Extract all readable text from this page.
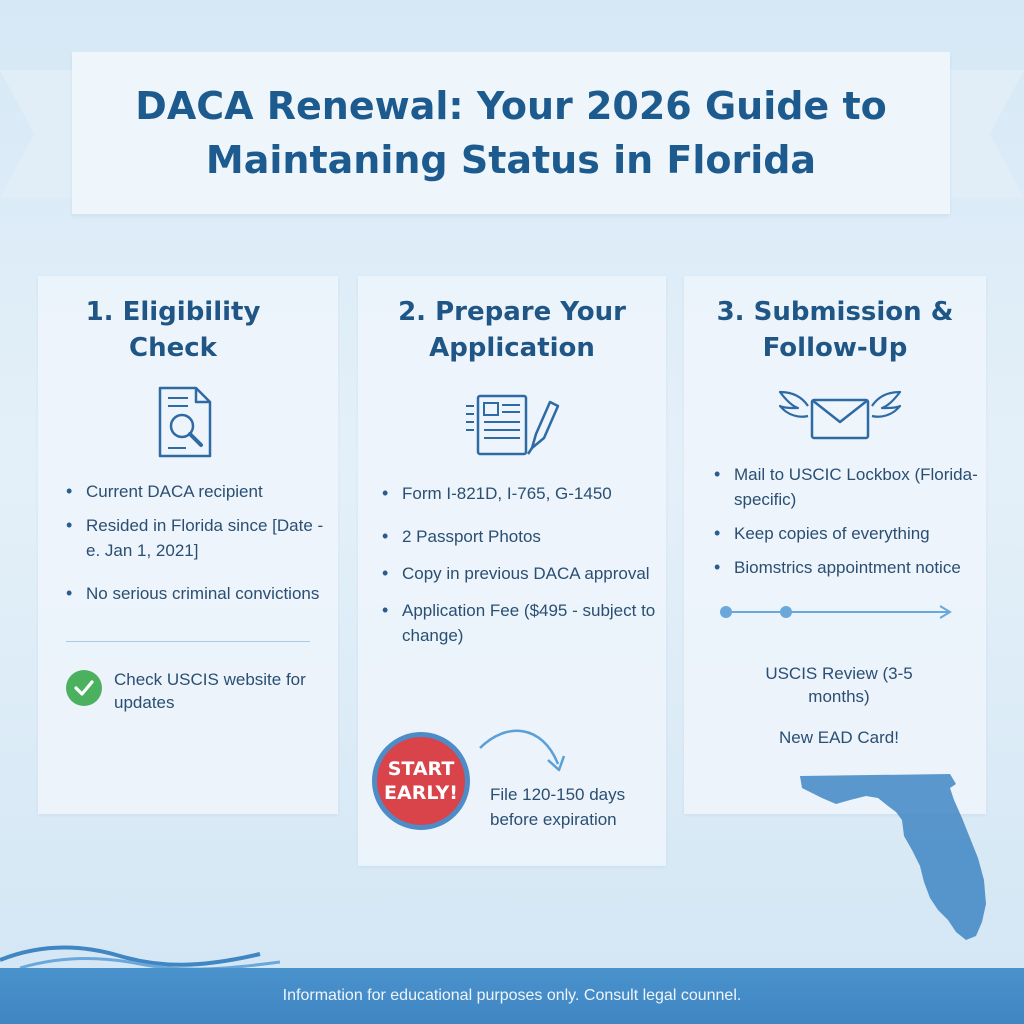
DACA Renewal: Your 2026 Guide to Maintaning Status in Florida
1. Eligibility Check
• Current DACA recipient
• Resided in Florida since [Date - e. Jan 1, 2021]
• No serious criminal convictions
Check USCIS website for updates
2. Prepare Your Application
• Form I-821D, I-765, G-1450
• 2 Passport Photos
• Copy in previous DACA approval
• Application Fee ($495 - subject to change)
START EARLY! File 120-150 days before expiration
3. Submission & Follow-Up
• Mail to USCIC Lockbox (Florida-specific)
• Keep copies of everything
• Biomstrics appointment notice
USCIS Review (3-5 months)
New EAD Card!
Information for educational purposes only. Consult legal counnel.
